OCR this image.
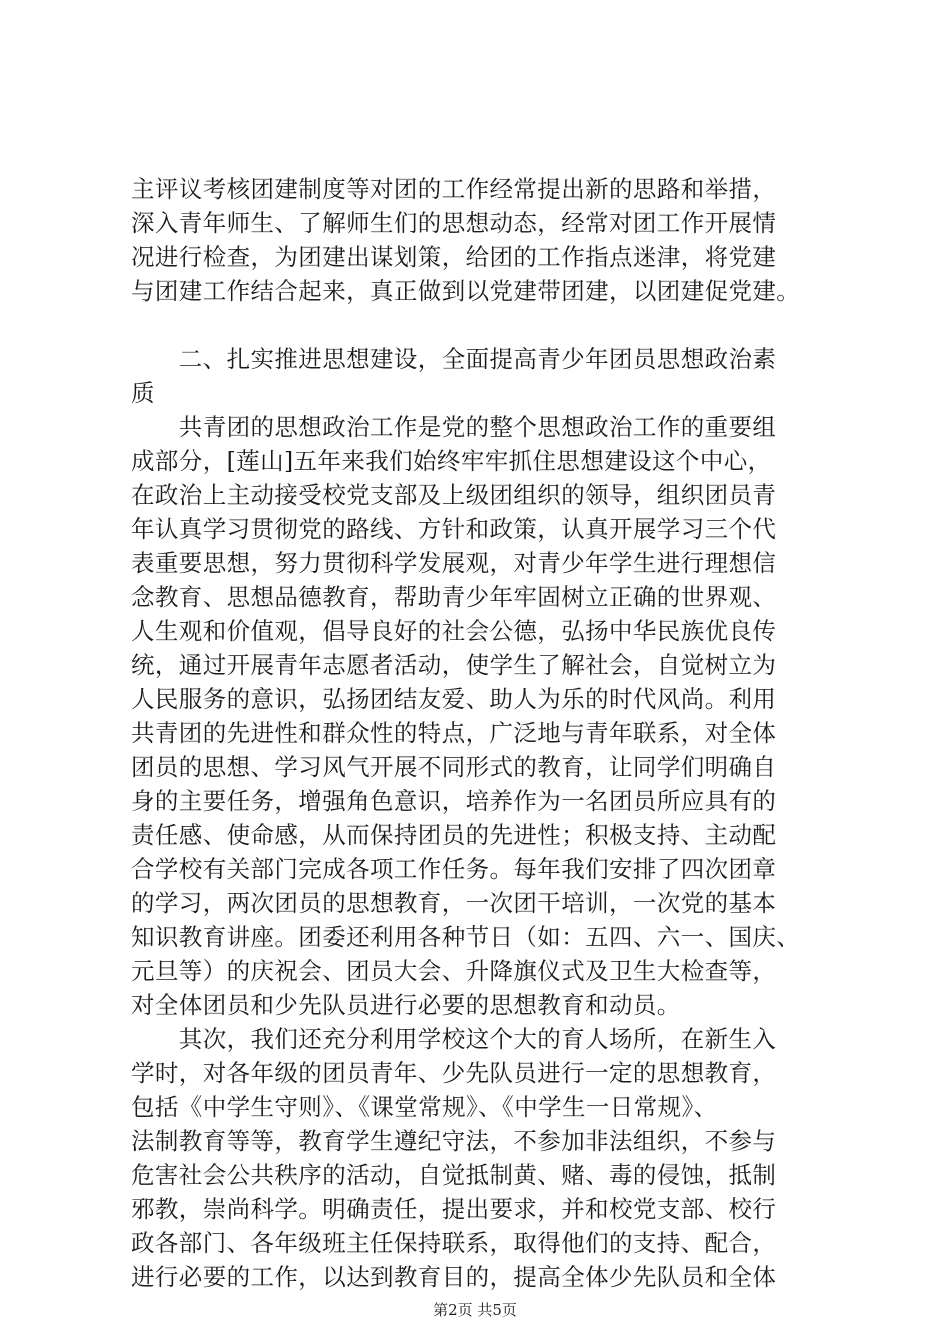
主评议考核团建制度等对团的工作经常提出新的思路和举措，
深入青年师生、了解师生们的思想动态，经常对团工作开展情
况进行检查，为团建出谋划策，给团的工作指点迷津，将党建
与团建工作结合起来，真正做到以党建带团建，以团建促党建。
　　二、扎实推进思想建设，全面提高青少年团员思想政治素
质
　　共青团的思想政治工作是党的整个思想政治工作的重要组
成部分，[莲山]五年来我们始终牢牢抓住思想建设这个中心，
在政治上主动接受校党支部及上级团组织的领导，组织团员青
年认真学习贯彻党的路线、方针和政策，认真开展学习三个代
表重要思想，努力贯彻科学发展观，对青少年学生进行理想信
念教育、思想品德教育，帮助青少年牢固树立正确的世界观、
人生观和价值观，倡导良好的社会公德，弘扬中华民族优良传
统，通过开展青年志愿者活动，使学生了解社会，自觉树立为
人民服务的意识，弘扬团结友爱、助人为乐的时代风尚。利用
共青团的先进性和群众性的特点，广泛地与青年联系，对全体
团员的思想、学习风气开展不同形式的教育，让同学们明确自
身的主要任务，增强角色意识，培养作为一名团员所应具有的
责任感、使命感，从而保持团员的先进性；积极支持、主动配
合学校有关部门完成各项工作任务。每年我们安排了四次团章
的学习，两次团员的思想教育，一次团干培训，一次党的基本
知识教育讲座。团委还利用各种节日（如：五四、六一、国庆、
元旦等）的庆祝会、团员大会、升降旗仪式及卫生大检查等，
对全体团员和少先队员进行必要的思想教育和动员。
　　其次，我们还充分利用学校这个大的育人场所，在新生入
学时，对各年级的团员青年、少先队员进行一定的思想教育，
包括《中学生守则》、《课堂常规》、《中学生一日常规》、
法制教育等等，教育学生遵纪守法，不参加非法组织，不参与
危害社会公共秩序的活动，自觉抵制黄、赌、毒的侵蚀，抵制
邪教，崇尚科学。明确责任，提出要求，并和校党支部、校行
政各部门、各年级班主任保持联系，取得他们的支持、配合，
进行必要的工作，以达到教育目的，提高全体少先队员和全体
第2页 共5页
